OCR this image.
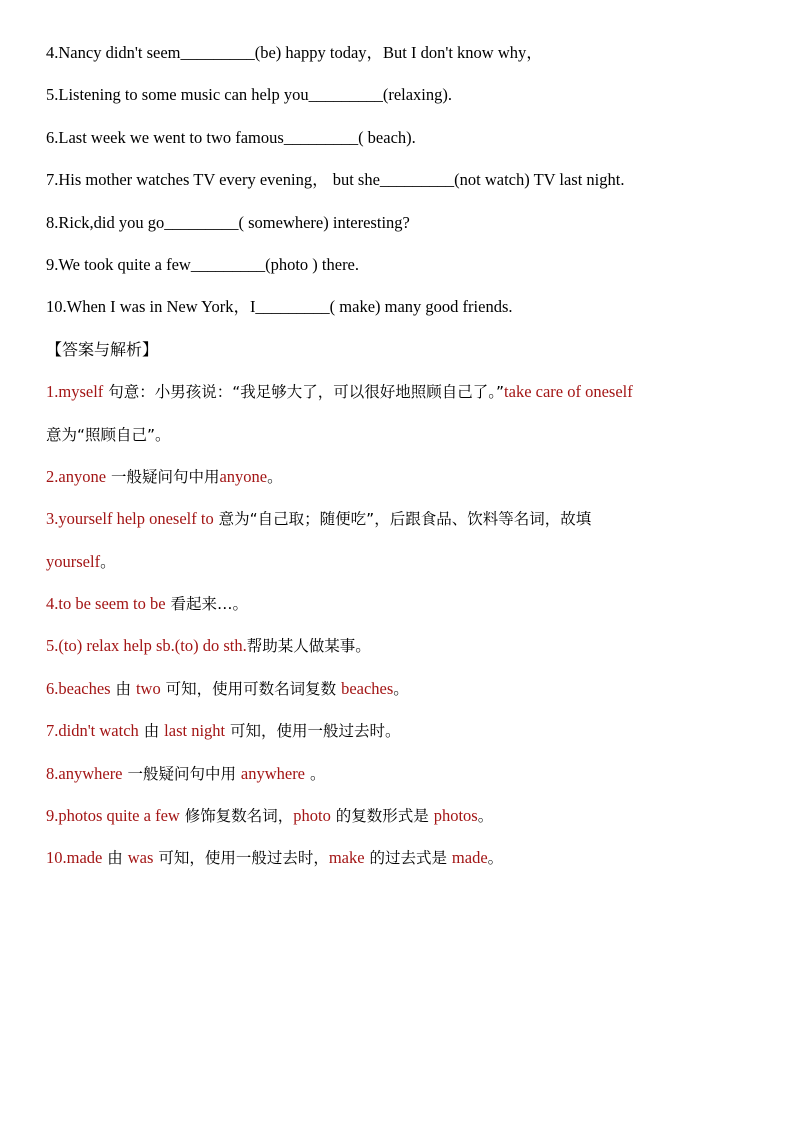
4.Nancy didn't seem_________(be) happy today，But I don't know why，
5.Listening to some music can help you_________(relaxing).
6.Last week we went to two famous_________( beach).
7.His mother watches TV every evening， but she_________(not watch) TV last night.
8.Rick,did you go_________( somewhere) interesting?
9.We took quite a few_________(photo ) there.
10.When I was in New York，I_________( make) many good friends.
【答案与解析】
1.myself 句意：小男孩说：“我足够大了，可以很好地照顾自己了。”take care of oneself
意为“照顾自己”。
2.anyone 一般疑问句中用anyone。
3.yourself help oneself to 意为“自己取；随便吃”，后跟食品、饮料等名词，故填
yourself。
4.to be seem to be 看起来…。
5.(to) relax help sb.(to) do sth.帮助某人做某事。
6.beaches 由 two 可知，使用可数名词复数 beaches。
7.didn't watch 由 last night 可知，使用一般过去时。
8.anywhere 一般疑问句中用 anywhere 。
9.photos quite a few 修饰复数名词，photo 的复数形式是 photos。
10.made 由 was 可知，使用一般过去时，make 的过去式是 made。
